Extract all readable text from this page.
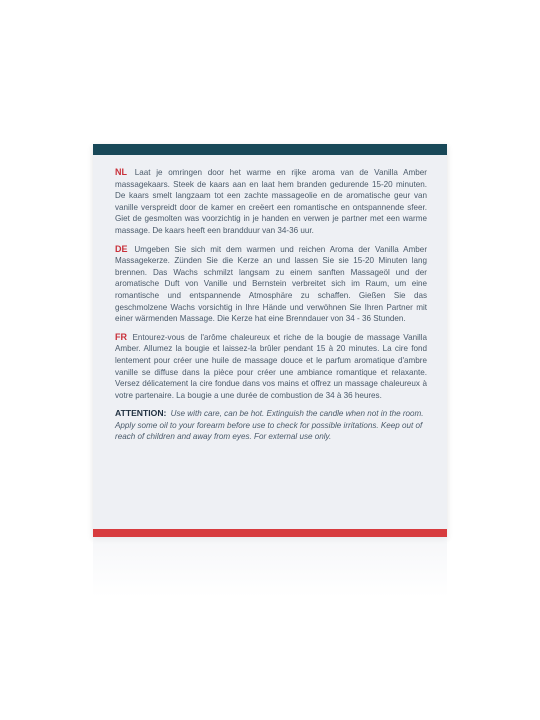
NL Laat je omringen door het warme en rijke aroma van de Vanilla Amber massagekaars. Steek de kaars aan en laat hem branden gedurende 15-20 minuten. De kaars smelt langzaam tot een zachte massageolie en de aromatische geur van vanille verspreidt door de kamer en creëert een romantische en ontspannende sfeer. Giet de gesmolten was voorzichtig in je handen en verwen je partner met een warme massage. De kaars heeft een brandduur van 34-36 uur.

DE Umgeben Sie sich mit dem warmen und reichen Aroma der Vanilla Amber Massagekerze. Zünden Sie die Kerze an und lassen Sie sie 15-20 Minuten lang brennen. Das Wachs schmilzt langsam zu einem sanften Massageöl und der aromatische Duft von Vanille und Bernstein verbreitet sich im Raum, um eine romantische und entspannende Atmosphäre zu schaffen. Gießen Sie das geschmolzene Wachs vorsichtig in Ihre Hände und verwöhnen Sie Ihren Partner mit einer wärmenden Massage. Die Kerze hat eine Brenndauer von 34 - 36 Stunden.

FR Entourez-vous de l'arôme chaleureux et riche de la bougie de massage Vanilla Amber. Allumez la bougie et laissez-la brûler pendant 15 à 20 minutes. La cire fond lentement pour créer une huile de massage douce et le parfum aromatique d'ambre vanille se diffuse dans la pièce pour créer une ambiance romantique et relaxante. Versez délicatement la cire fondue dans vos mains et offrez un massage chaleureux à votre partenaire. La bougie a une durée de combustion de 34 à 36 heures.

ATTENTION: Use with care, can be hot. Extinguish the candle when not in the room. Apply some oil to your forearm before use to check for possible irritations. Keep out of reach of children and away from eyes. For external use only.
